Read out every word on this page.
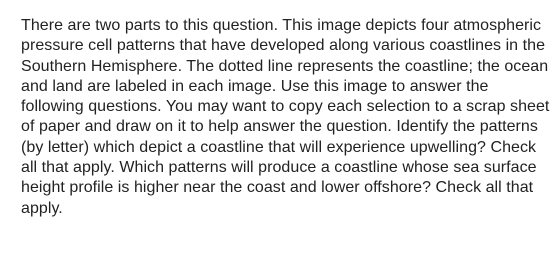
There are two parts to this question. This image depicts four atmospheric pressure cell patterns that have developed along various coastlines in the Southern Hemisphere. The dotted line represents the coastline; the ocean and land are labeled in each image. Use this image to answer the following questions. You may want to copy each selection to a scrap sheet of paper and draw on it to help answer the question. Identify the patterns (by letter) which depict a coastline that will experience upwelling? Check all that apply. Which patterns will produce a coastline whose sea surface height profile is higher near the coast and lower offshore? Check all that apply.
